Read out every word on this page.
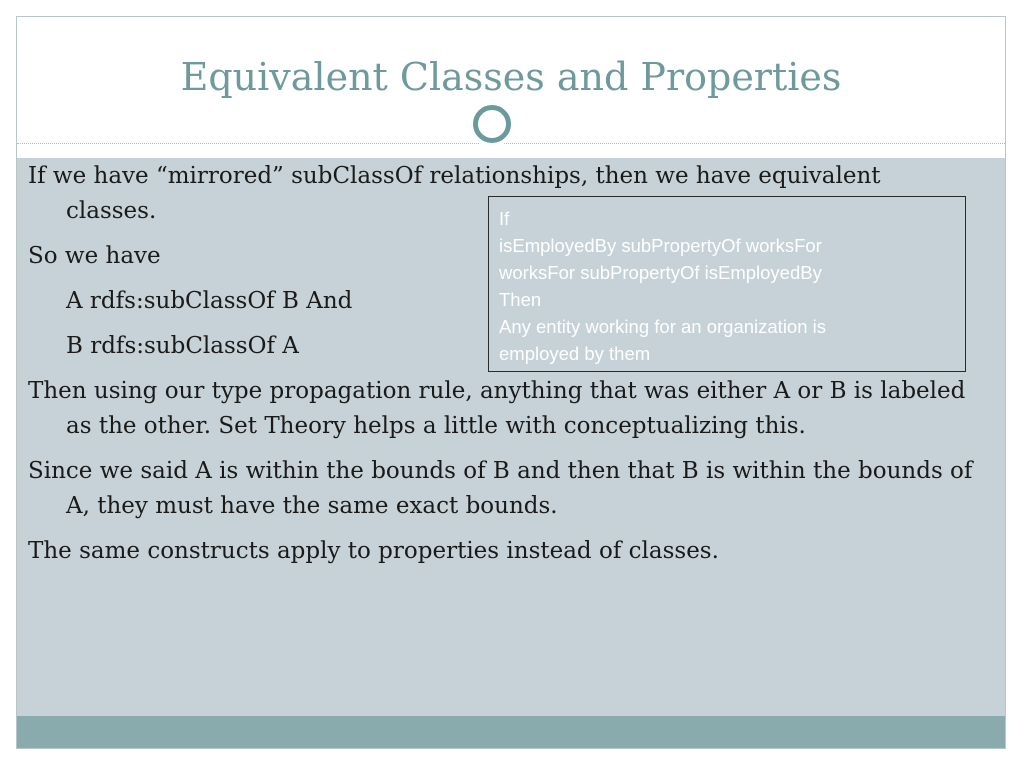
Equivalent Classes and Properties
If we have “mirrored” subClassOf relationships, then we have equivalent classes.
So we have
A rdfs:subClassOf B And
B rdfs:subClassOf A
Then using our type propagation rule, anything that was either A or B is labeled as the other. Set Theory helps a little with conceptualizing this.
Since we said A is within the bounds of B and then that B is within the bounds of A, they must have the same exact bounds.
The same constructs apply to properties instead of classes.
If
isEmployedBy subPropertyOf worksFor
worksFor subPropertyOf isEmployedBy
Then
Any entity working for an organization is
employed by them
